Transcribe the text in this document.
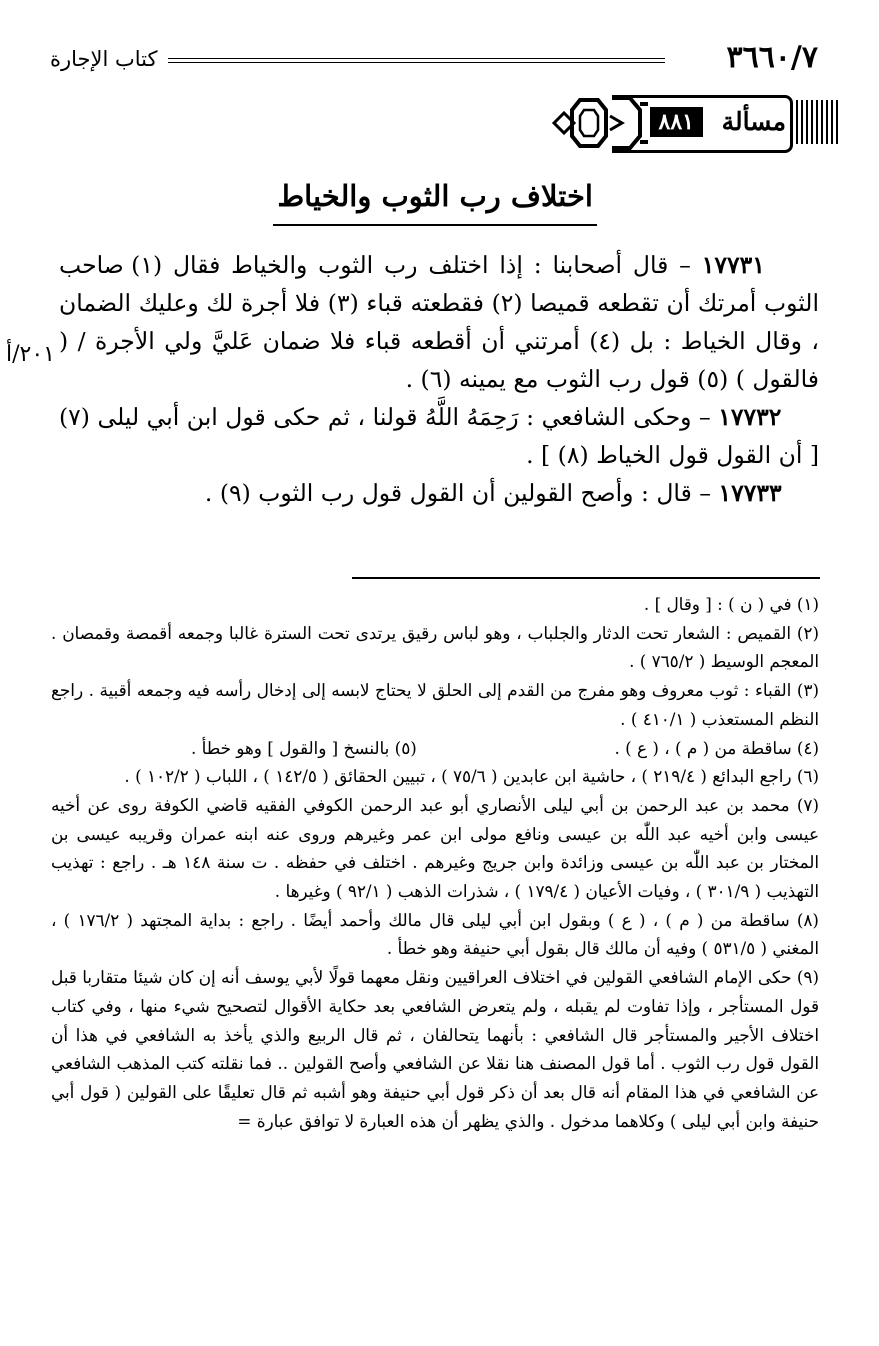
٣٦٦٠/٧
كتاب الإجارة
مسألة
٨٨١
اختلاف رب الثوب والخياط
٢٠١/أ

١٧٧٣١ – قال أصحابنا : إذا اختلف رب الثوب والخياط فقال (١) صاحب الثوب أمرتك أن تقطعه قميصا (٢) فقطعته قباء (٣) فلا أجرة لك وعليك الضمان ، وقال الخياط : بل (٤) أمرتني أن أقطعه قباء فلا ضمان عَليَّ ولي الأجرة / ( فالقول ) (٥) قول رب الثوب مع يمينه (٦) .

١٧٧٣٢ – وحكى الشافعي : رَحِمَهُ اللَّهُ قولنا ، ثم حكى قول ابن أبي ليلى (٧) [ أن القول قول الخياط (٨) ] .

١٧٧٣٣ – قال : وأصح القولين أن القول قول رب الثوب (٩) .

(١) في ( ن ) : [ وقال ] .

(٢) القميص : الشعار تحت الدثار والجلباب ، وهو لباس رقيق يرتدى تحت السترة غالبا وجمعه أقمصة وقمصان . المعجم الوسيط ( ٧٦٥/٢ ) .

(٣) القباء : ثوب معروف وهو مفرج من القدم إلى الحلق لا يحتاج لابسه إلى إدخال رأسه فيه وجمعه أقبية . راجع النظم المستعذب ( ٤١٠/١ ) .

(٤) ساقطة من ( م ) ، ( ع ) .
(٥) بالنسخ [ والقول ] وهو خطأ .

(٦) راجع البدائع ( ٢١٩/٤ ) ، حاشية ابن عابدين ( ٧٥/٦ ) ، تبيين الحقائق ( ١٤٢/٥ ) ، اللباب ( ١٠٢/٢ ) .

(٧) محمد بن عبد الرحمن بن أبي ليلى الأنصاري أبو عبد الرحمن الكوفي الفقيه قاضي الكوفة روى عن أخيه عيسى وابن أخيه عبد اللّٰه بن عيسى ونافع مولى ابن عمر وغيرهم وروى عنه ابنه عمران وقريبه عيسى بن المختار بن عبد اللّٰه بن عيسى وزائدة وابن جريج وغيرهم . اختلف في حفظه . ت سنة ١٤٨ هـ . راجع : تهذيب التهذيب ( ٣٠١/٩ ) ، وفيات الأعيان ( ١٧٩/٤ ) ، شذرات الذهب ( ٩٢/١ ) وغيرها .

(٨) ساقطة من ( م ) ، ( ع ) وبقول ابن أبي ليلى قال مالك وأحمد أيضًا . راجع : بداية المجتهد ( ١٧٦/٢ ) ، المغني ( ٥٣١/٥ ) وفيه أن مالك قال بقول أبي حنيفة وهو خطأ .

(٩) حكى الإمام الشافعي القولين في اختلاف العراقيين ونقل معهما قولًا لأبي يوسف أنه إن كان شيئا متقاربا قبل قول المستأجر ، وإذا تفاوت لم يقبله ، ولم يتعرض الشافعي بعد حكاية الأقوال لتصحيح شيء منها ، وفي كتاب اختلاف الأجير والمستأجر قال الشافعي : بأنهما يتحالفان ، ثم قال الربيع والذي يأخذ به الشافعي في هذا أن القول قول رب الثوب . أما قول المصنف هنا نقلا عن الشافعي وأصح القولين .. فما نقلته كتب المذهب الشافعي عن الشافعي في هذا المقام أنه قال بعد أن ذكر قول أبي حنيفة وهو أشبه ثم قال تعليقًا على القولين ( قول أبي حنيفة وابن أبي ليلى ) وكلاهما مدخول . والذي يظهر أن هذه العبارة لا توافق عبارة =
